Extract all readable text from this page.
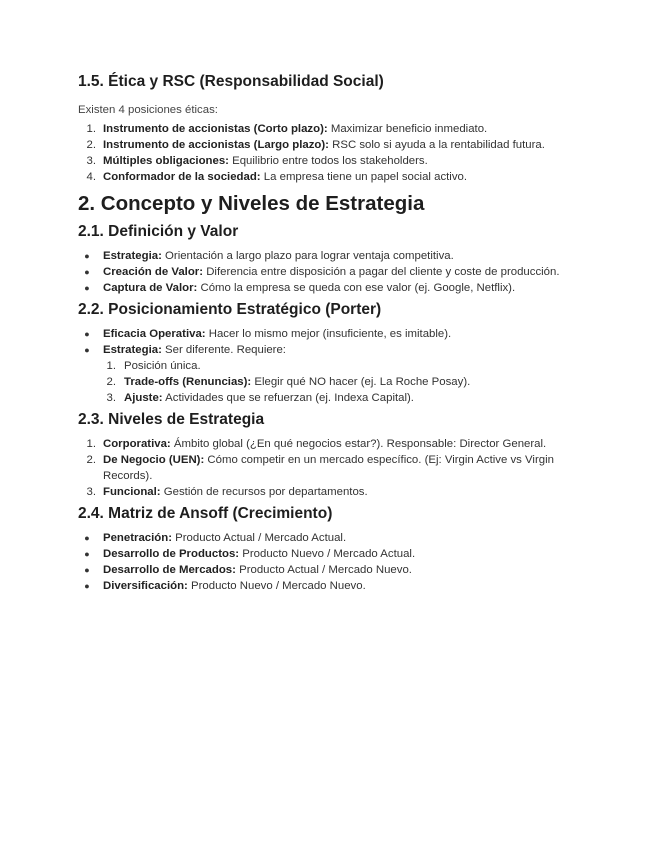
1.5. Ética y RSC (Responsabilidad Social)

Existen 4 posiciones éticas:

1. Instrumento de accionistas (Corto plazo): Maximizar beneficio inmediato.
2. Instrumento de accionistas (Largo plazo): RSC solo si ayuda a la rentabilidad futura.
3. Múltiples obligaciones: Equilibrio entre todos los stakeholders.
4. Conformador de la sociedad: La empresa tiene un papel social activo.
2. Concepto y Niveles de Estrategia
2.1. Definición y Valor
● Estrategia: Orientación a largo plazo para lograr ventaja competitiva.
● Creación de Valor: Diferencia entre disposición a pagar del cliente y coste de producción.
● Captura de Valor: Cómo la empresa se queda con ese valor (ej. Google, Netflix).
2.2. Posicionamiento Estratégico (Porter)
● Eficacia Operativa: Hacer lo mismo mejor (insuficiente, es imitable).
● Estrategia: Ser diferente. Requiere:
1. Posición única.
2. Trade-offs (Renuncias): Elegir qué NO hacer (ej. La Roche Posay).
3. Ajuste: Actividades que se refuerzan (ej. Indexa Capital).
2.3. Niveles de Estrategia
1. Corporativa: Ámbito global (¿En qué negocios estar?). Responsable: Director General.
2. De Negocio (UEN): Cómo competir en un mercado específico. (Ej: Virgin Active vs Virgin Records).
3. Funcional: Gestión de recursos por departamentos.
2.4. Matriz de Ansoff (Crecimiento)
● Penetración: Producto Actual / Mercado Actual.
● Desarrollo de Productos: Producto Nuevo / Mercado Actual.
● Desarrollo de Mercados: Producto Actual / Mercado Nuevo.
● Diversificación: Producto Nuevo / Mercado Nuevo.
